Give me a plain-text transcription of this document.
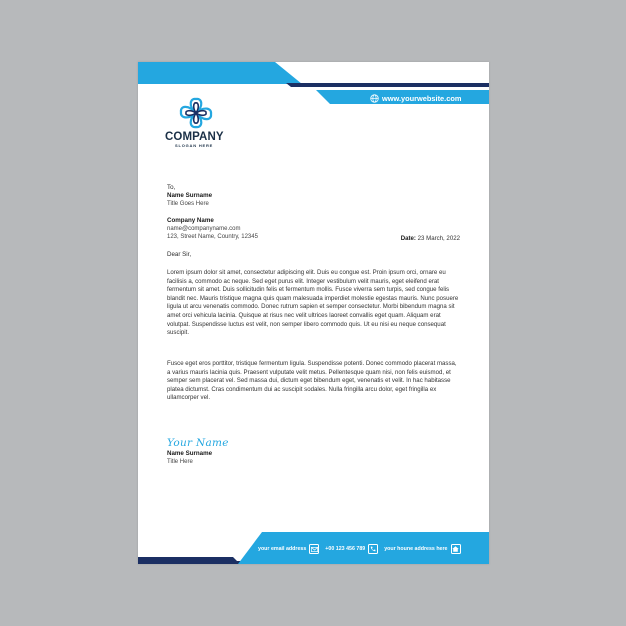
www.yourwebsite.com
COMPANY
SLOGAN HERE
To,
Name Surname
Title Goes Here
Company Name
name@companyname.com
123, Street Name, Country, 12345	Date: 23 March, 2022
Dear Sir,
Lorem ipsum dolor sit amet, consectetur adipiscing elit. Duis eu congue est. Proin ipsum orci, ornare eu facilisis a, commodo ac neque. Sed eget purus elit. Integer vestibulum velit mauris, eget eleifend erat fermentum sit amet. Duis sollicitudin felis et fermentum mollis. Fusce viverra sem turpis, sed congue felis blandit nec. Mauris tristique magna quis quam malesuada imperdiet molestie egestas mauris. Nunc posuere ligula ut arcu venenatis commodo. Donec rutrum sapien et semper consectetur. Morbi bibendum magna sit amet orci vehicula lacinia. Quisque at risus nec velit ultrices laoreet convallis eget quam. Aliquam erat volutpat. Suspendisse luctus est velit, non semper libero commodo quis. Ut eu nisi eu neque consequat suscipit.
Fusce eget eros porttitor, tristique fermentum ligula. Suspendisse potenti. Donec commodo placerat massa, a varius mauris lacinia quis. Praesent vulputate velit metus. Pellentesque quam nisi, non felis euismod, et semper sem placerat vel. Sed massa dui, dictum eget bibendum eget, venenatis et velit. In hac habitasse platea dictumst. Cras condimentum dui ac suscipit sodales. Nulla fringilla arcu dolor, eget fringilla ex ullamcorper vel.
Your Name
Name Surname
Title Here
your email address	+00 123 456 789	your houne address here
